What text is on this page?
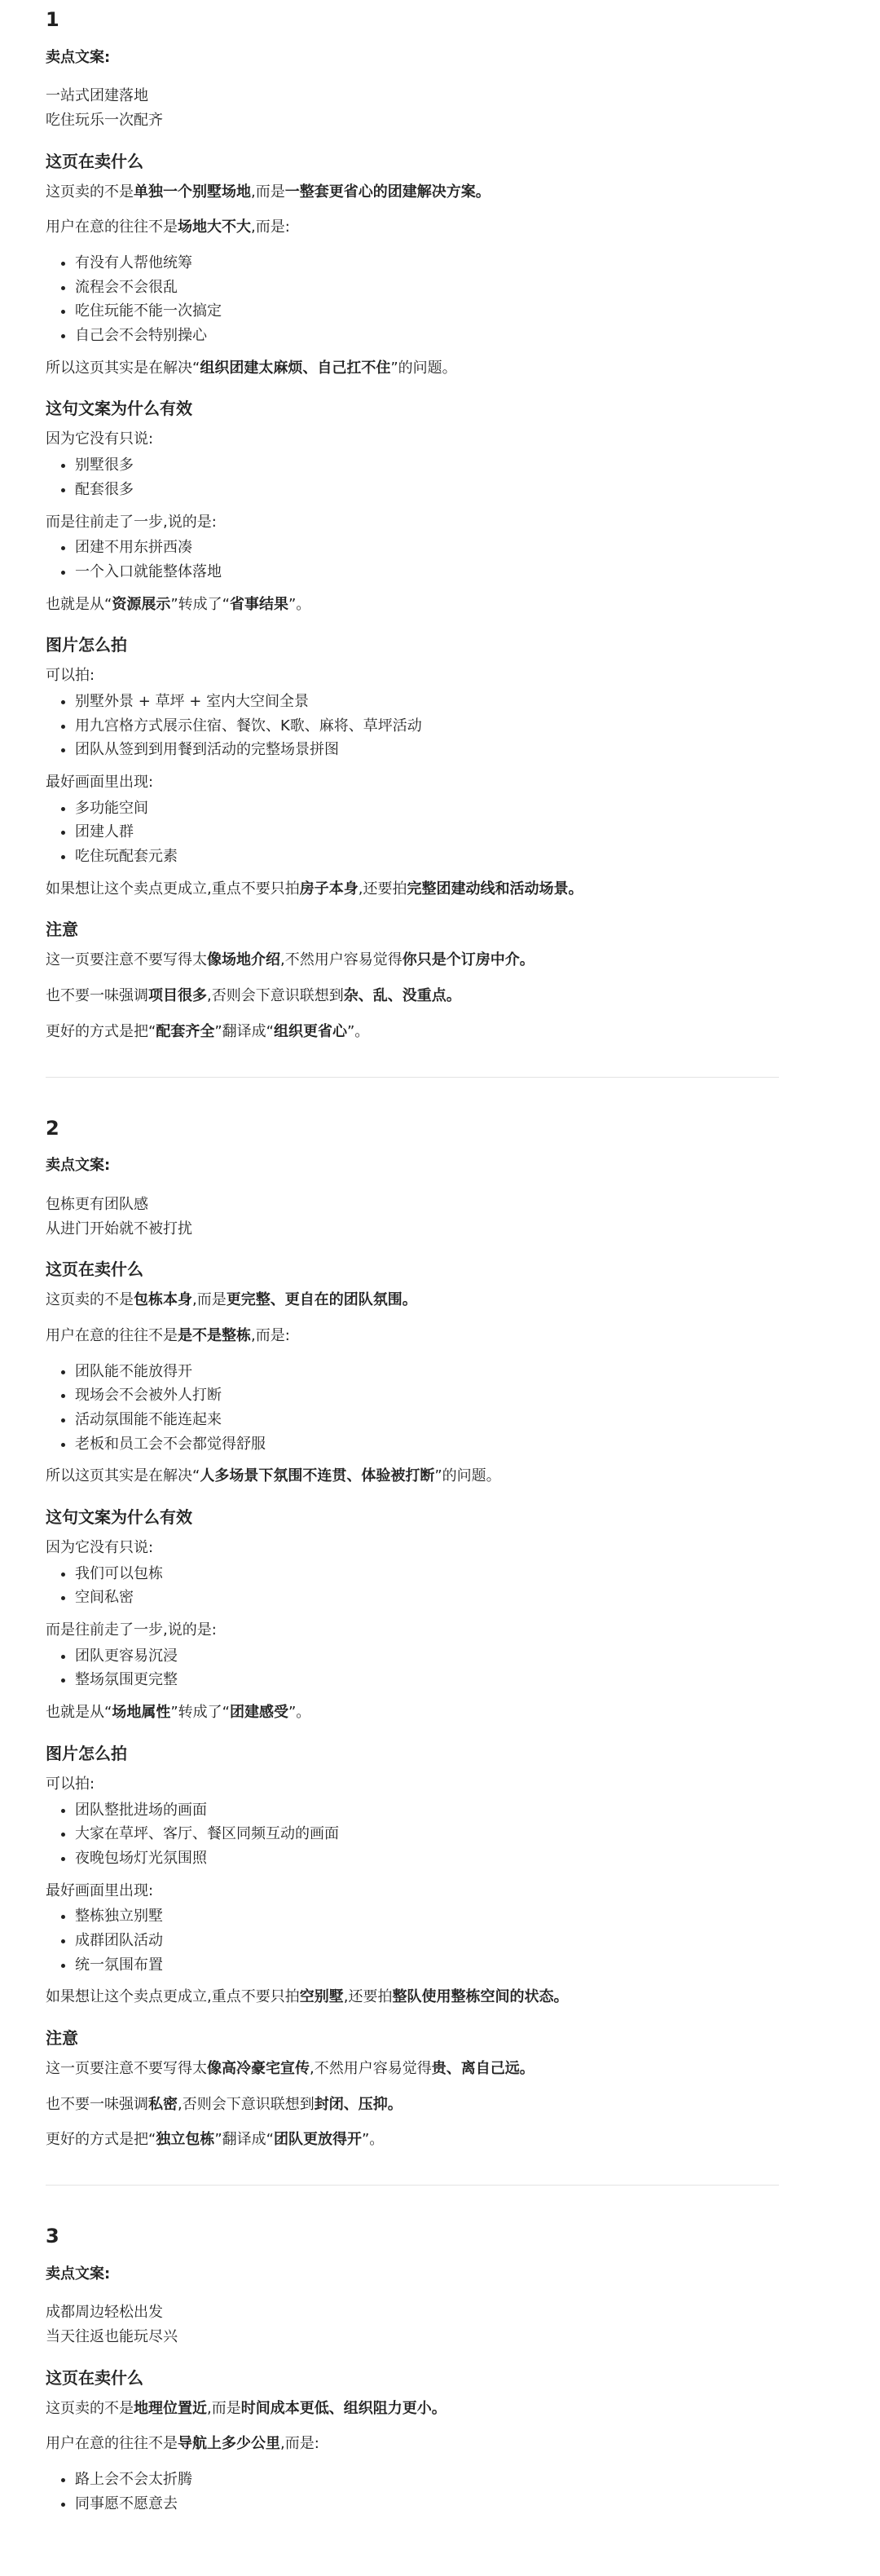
1
卖点文案:
一站式团建落地
吃住玩乐一次配齐
这页在卖什么

这页卖的不是单独一个别墅场地,而是一整套更省心的团建解决方案。

用户在意的往往不是场地大不大,而是:

• 有没有人帮他统筹
• 流程会不会很乱
• 吃住玩能不能一次搞定
• 自己会不会特别操心

所以这页其实是在解决“组织团建太麻烦、自己扛不住”的问题。

这句文案为什么有效

因为它没有只说:

• 别墅很多
• 配套很多

而是往前走了一步,说的是:

• 团建不用东拼西凑
• 一个入口就能整体落地

也就是从“资源展示”转成了“省事结果”。

图片怎么拍

可以拍:

• 别墅外景 + 草坪 + 室内大空间全景
• 用九宫格方式展示住宿、餐饮、K歌、麻将、草坪活动
• 团队从签到到用餐到活动的完整场景拼图

最好画面里出现:

• 多功能空间
• 团建人群
• 吃住玩配套元素

如果想让这个卖点更成立,重点不要只拍房子本身,还要拍完整团建动线和活动场景。

注意

这一页要注意不要写得太像场地介绍,不然用户容易觉得你只是个订房中介。

也不要一味强调项目很多,否则会下意识联想到杂、乱、没重点。

更好的方式是把“配套齐全”翻译成“组织更省心”。

2
卖点文案:
包栋更有团队感
从进门开始就不被打扰
这页在卖什么

这页卖的不是包栋本身,而是更完整、更自在的团队氛围。

用户在意的往往不是是不是整栋,而是:

• 团队能不能放得开
• 现场会不会被外人打断
• 活动氛围能不能连起来
• 老板和员工会不会都觉得舒服

所以这页其实是在解决“人多场景下氛围不连贯、体验被打断”的问题。

这句文案为什么有效

因为它没有只说:

• 我们可以包栋
• 空间私密

而是往前走了一步,说的是:

• 团队更容易沉浸
• 整场氛围更完整

也就是从“场地属性”转成了“团建感受”。

图片怎么拍

可以拍:

• 团队整批进场的画面
• 大家在草坪、客厅、餐区同频互动的画面
• 夜晚包场灯光氛围照

最好画面里出现:

• 整栋独立别墅
• 成群团队活动
• 统一氛围布置

如果想让这个卖点更成立,重点不要只拍空别墅,还要拍整队使用整栋空间的状态。

注意

这一页要注意不要写得太像高冷豪宅宣传,不然用户容易觉得贵、离自己远。

也不要一味强调私密,否则会下意识联想到封闭、压抑。

更好的方式是把“独立包栋”翻译成“团队更放得开”。

3
卖点文案:
成都周边轻松出发
当天往返也能玩尽兴
这页在卖什么

这页卖的不是地理位置近,而是时间成本更低、组织阻力更小。

用户在意的往往不是导航上多少公里,而是:

• 路上会不会太折腾
• 同事愿不愿意去
